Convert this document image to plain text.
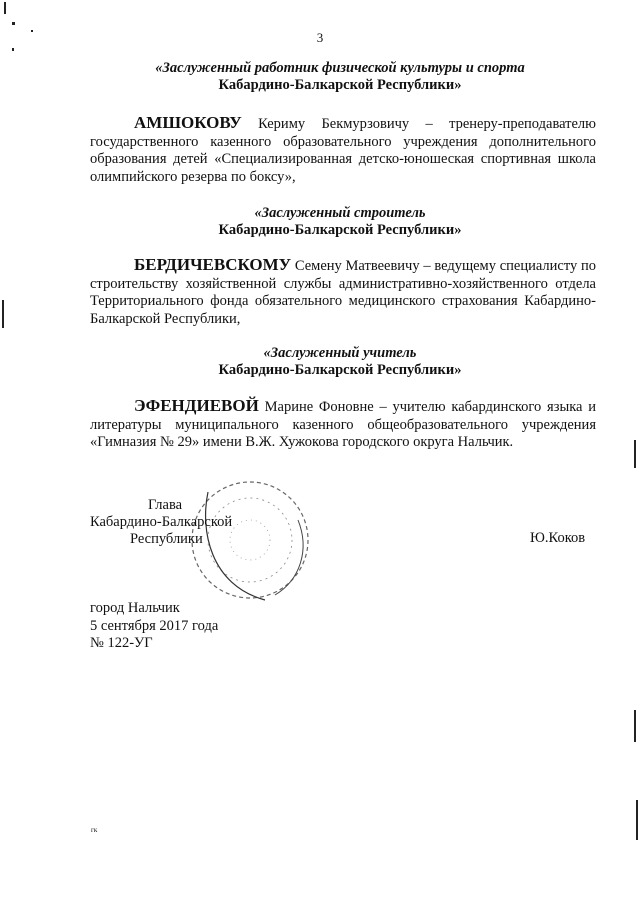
3
«Заслуженный работник физической культуры и спорта
Кабардино-Балкарской Республики»
АМШОКОВУ Кериму Бекмурзовичу – тренеру-преподавателю государственного казенного образовательного учреждения дополнительного образования детей «Специализированная детско-юношеская спортивная школа олимпийского резерва по боксу»,
«Заслуженный строитель
Кабардино-Балкарской Республики»
БЕРДИЧЕВСКОМУ Семену Матвеевичу – ведущему специалисту по строительству хозяйственной службы административно-хозяйственного отдела Территориального фонда обязательного медицинского страхования Кабардино-Балкарской Республики,
«Заслуженный учитель
Кабардино-Балкарской Республики»
ЭФЕНДИЕВОЙ Марине Фоновне – учителю кабардинского языка и литературы муниципального казенного общеобразовательного учреждения «Гимназия № 29» имени В.Ж. Хужокова городского округа Нальчик.
Глава
Кабардино-Балкарской
Республики	Ю.Коков
город Нальчик
5 сентября 2017 года
№ 122-УГ
гк
